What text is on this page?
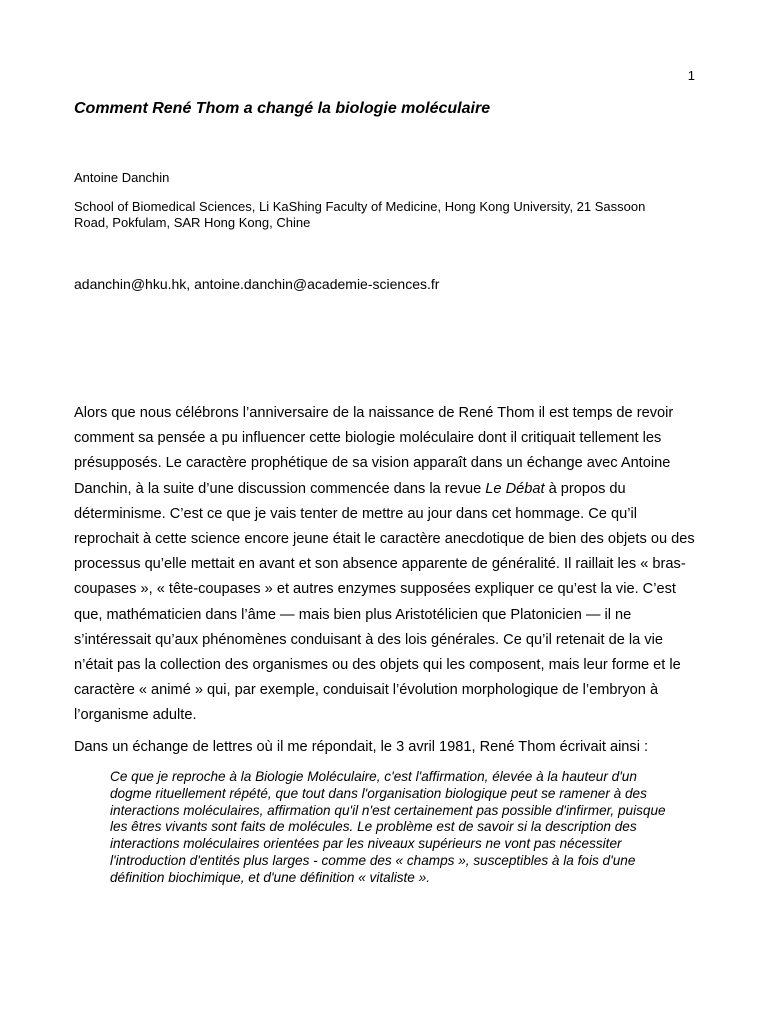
1
Comment René Thom a changé la biologie moléculaire
Antoine Danchin
School of Biomedical Sciences, Li KaShing Faculty of Medicine, Hong Kong University, 21 Sassoon Road, Pokfulam, SAR Hong Kong, Chine
adanchin@hku.hk, antoine.danchin@academie-sciences.fr

Alors que nous célébrons l’anniversaire de la naissance de René Thom il est temps de revoir comment sa pensée a pu influencer cette biologie moléculaire dont il critiquait tellement les présupposés. Le caractère prophétique de sa vision apparaît dans un échange avec Antoine Danchin, à la suite d’une discussion commencée dans la revue Le Débat à propos du déterminisme. C’est ce que je vais tenter de mettre au jour dans cet hommage. Ce qu’il reprochait à cette science encore jeune était le caractère anecdotique de bien des objets ou des processus qu’elle mettait en avant et son absence apparente de généralité. Il raillait les « bras-coupases », « tête-coupases » et autres enzymes supposées expliquer ce qu’est la vie. C’est que, mathématicien dans l’âme — mais bien plus Aristotélicien que Platonicien — il ne s’intéressait qu’aux phénomènes conduisant à des lois générales. Ce qu’il retenait de la vie n’était pas la collection des organismes ou des objets qui les composent, mais leur forme et le caractère « animé » qui, par exemple, conduisait l’évolution morphologique de l’embryon à l’organisme adulte.

Dans un échange de lettres où il me répondait, le 3 avril 1981, René Thom écrivait ainsi :

Ce que je reproche à la Biologie Moléculaire, c'est l'affirmation, élevée à la hauteur d'un dogme rituellement répété, que tout dans l'organisation biologique peut se ramener à des interactions moléculaires, affirmation qu'il n'est certainement pas possible d'infirmer, puisque les êtres vivants sont faits de molécules. Le problème est de savoir si la description des interactions moléculaires orientées par les niveaux supérieurs ne vont pas nécessiter l'introduction d'entités plus larges - comme des « champs », susceptibles à la fois d'une définition biochimique, et d'une définition « vitaliste ».
